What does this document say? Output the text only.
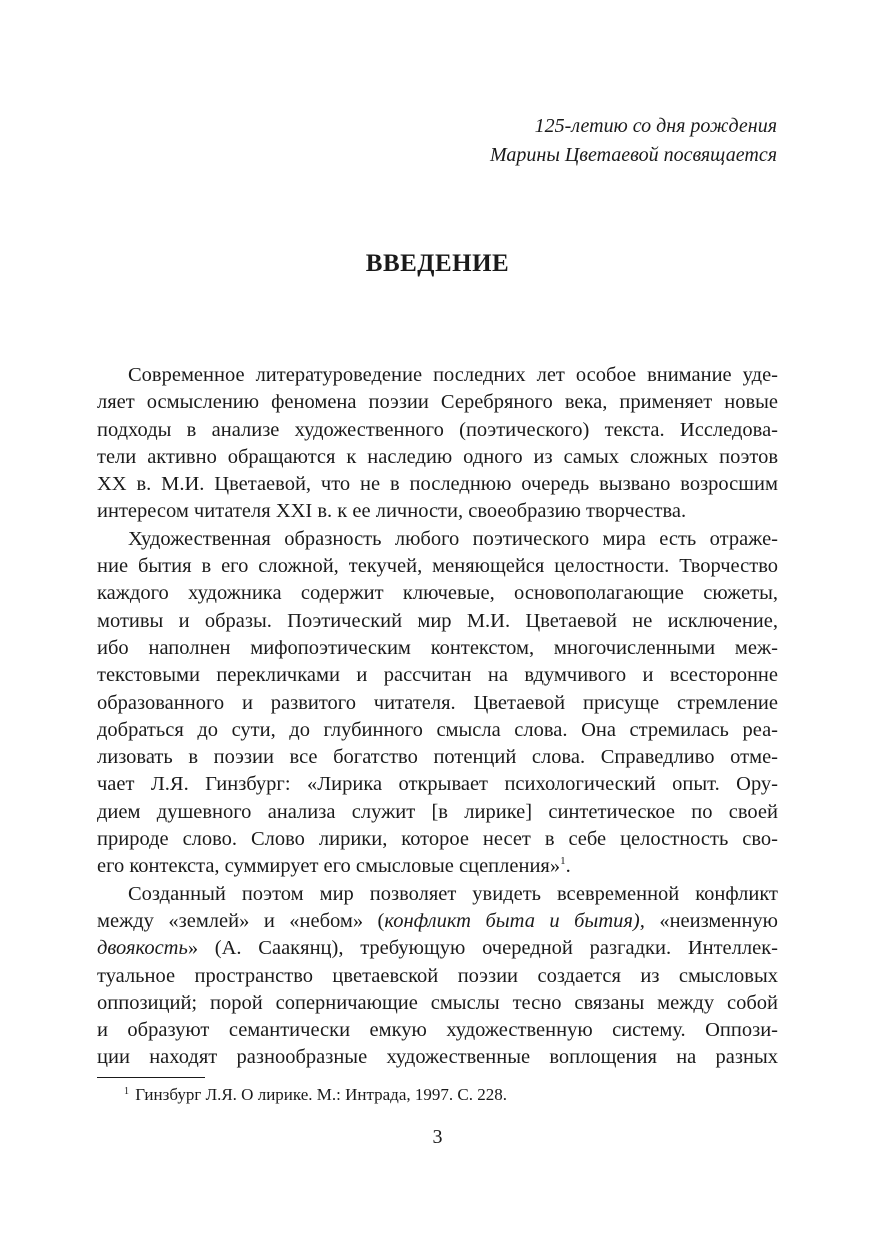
125-летию со дня рождения
Марины Цветаевой посвящается
ВВЕДЕНИЕ
Современное литературоведение последних лет особое внимание уде-
ляет осмыслению феномена поэзии Серебряного века, применяет новые
подходы в анализе художественного (поэтического) текста. Исследова-
тели активно обращаются к наследию одного из самых сложных поэтов
XX в. М.И. Цветаевой, что не в последнюю очередь вызвано возросшим
интересом читателя XXI в. к ее личности, своеобразию творчества.
Художественная образность любого поэтического мира есть отраже-
ние бытия в его сложной, текучей, меняющейся целостности. Творчество
каждого художника содержит ключевые, основополагающие сюжеты,
мотивы и образы. Поэтический мир М.И. Цветаевой не исключение,
ибо наполнен мифопоэтическим контекстом, многочисленными меж-
текстовыми перекличками и рассчитан на вдумчивого и всесторонне
образованного и развитого читателя. Цветаевой присуще стремление
добраться до сути, до глубинного смысла слова. Она стремилась реа-
лизовать в поэзии все богатство потенций слова. Справедливо отме-
чает Л.Я. Гинзбург: «Лирика открывает психологический опыт. Ору-
дием душевного анализа служит [в лирике] синтетическое по своей
природе слово. Слово лирики, которое несет в себе целостность сво-
его контекста, суммирует его смысловые сцепления»$^1$.
Созданный поэтом мир позволяет увидеть всевременной конфликт
между «землей» и «небом» (конфликт быта и бытия), «неизменную
двоякость» (А. Саакянц), требующую очередной разгадки. Интеллек-
туальное пространство цветаевской поэзии создается из смысловых
оппозиций; порой соперничающие смыслы тесно связаны между собой
и образуют семантически емкую художественную систему. Оппози-
ции находят разнообразные художественные воплощения на разных
$^1$ Гинзбург Л.Я. О лирике. М.: Интрада, 1997. С. 228.
3
